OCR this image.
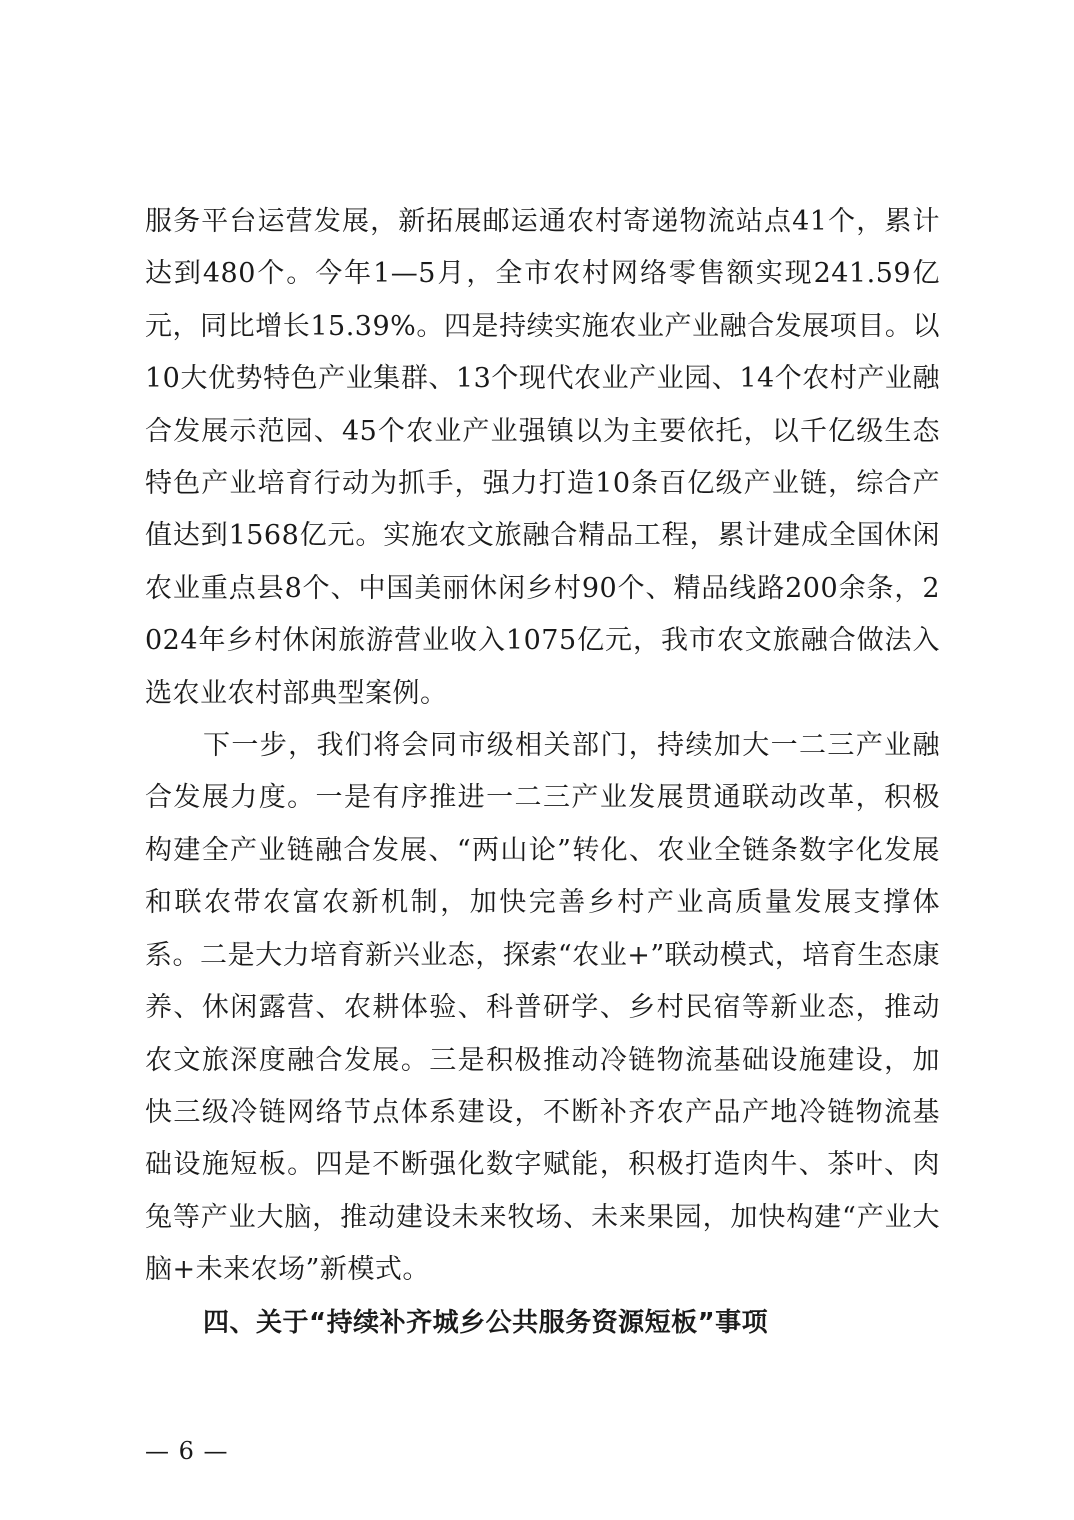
服务平台运营发展，新拓展邮运通农村寄递物流站点41个，累计达到480个。今年1—5月，全市农村网络零售额实现241.59亿元，同比增长15.39%。四是持续实施农业产业融合发展项目。以10大优势特色产业集群、13个现代农业产业园、14个农村产业融合发展示范园、45个农业产业强镇以为主要依托，以千亿级生态特色产业培育行动为抓手，强力打造10条百亿级产业链，综合产值达到1568亿元。实施农文旅融合精品工程，累计建成全国休闲农业重点县8个、中国美丽休闲乡村90个、精品线路200余条，2024年乡村休闲旅游营业收入1075亿元，我市农文旅融合做法入选农业农村部典型案例。

下一步，我们将会同市级相关部门，持续加大一二三产业融合发展力度。一是有序推进一二三产业发展贯通联动改革，积极构建全产业链融合发展、“两山论”转化、农业全链条数字化发展和联农带农富农新机制，加快完善乡村产业高质量发展支撑体系。二是大力培育新兴业态，探索“农业+”联动模式，培育生态康养、休闲露营、农耕体验、科普研学、乡村民宿等新业态，推动农文旅深度融合发展。三是积极推动冷链物流基础设施建设，加快三级冷链网络节点体系建设，不断补齐农产品产地冷链物流基础设施短板。四是不断强化数字赋能，积极打造肉牛、茶叶、肉兔等产业大脑，推动建设未来牧场、未来果园，加快构建“产业大脑+未来农场”新模式。

四、关于“持续补齐城乡公共服务资源短板”事项

— 6 —
